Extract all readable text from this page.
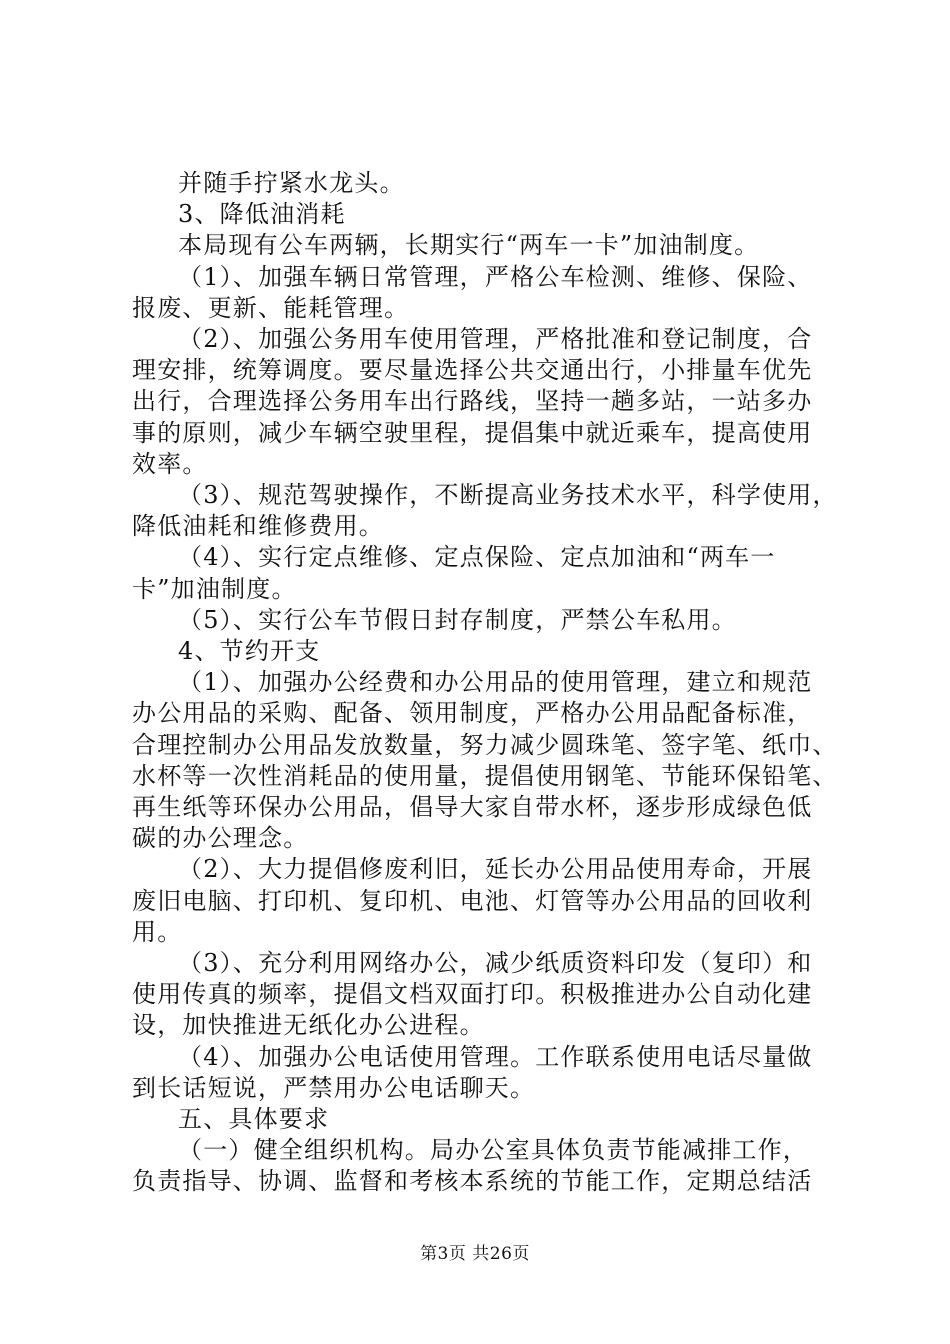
并随手拧紧水龙头。
3、降低油消耗
本局现有公车两辆，长期实行“两车一卡”加油制度。
（1）、加强车辆日常管理，严格公车检测、维修、保险、
报废、更新、能耗管理。
（2）、加强公务用车使用管理，严格批准和登记制度，合
理安排，统筹调度。要尽量选择公共交通出行，小排量车优先
出行，合理选择公务用车出行路线，坚持一趟多站，一站多办
事的原则，减少车辆空驶里程，提倡集中就近乘车，提高使用
效率。
（3）、规范驾驶操作，不断提高业务技术水平，科学使用，
降低油耗和维修费用。
（4）、实行定点维修、定点保险、定点加油和“两车一
卡”加油制度。
（5）、实行公车节假日封存制度，严禁公车私用。
4、节约开支
（1）、加强办公经费和办公用品的使用管理，建立和规范
办公用品的采购、配备、领用制度，严格办公用品配备标准，
合理控制办公用品发放数量，努力减少圆珠笔、签字笔、纸巾、
水杯等一次性消耗品的使用量，提倡使用钢笔、节能环保铅笔、
再生纸等环保办公用品，倡导大家自带水杯，逐步形成绿色低
碳的办公理念。
（2）、大力提倡修废利旧，延长办公用品使用寿命，开展
废旧电脑、打印机、复印机、电池、灯管等办公用品的回收利
用。
（3）、充分利用网络办公，减少纸质资料印发（复印）和
使用传真的频率，提倡文档双面打印。积极推进办公自动化建
设，加快推进无纸化办公进程。
（4）、加强办公电话使用管理。工作联系使用电话尽量做
到长话短说，严禁用办公电话聊天。
五、具体要求
（一）健全组织机构。局办公室具体负责节能减排工作，
负责指导、协调、监督和考核本系统的节能工作，定期总结活
第3页 共26页
